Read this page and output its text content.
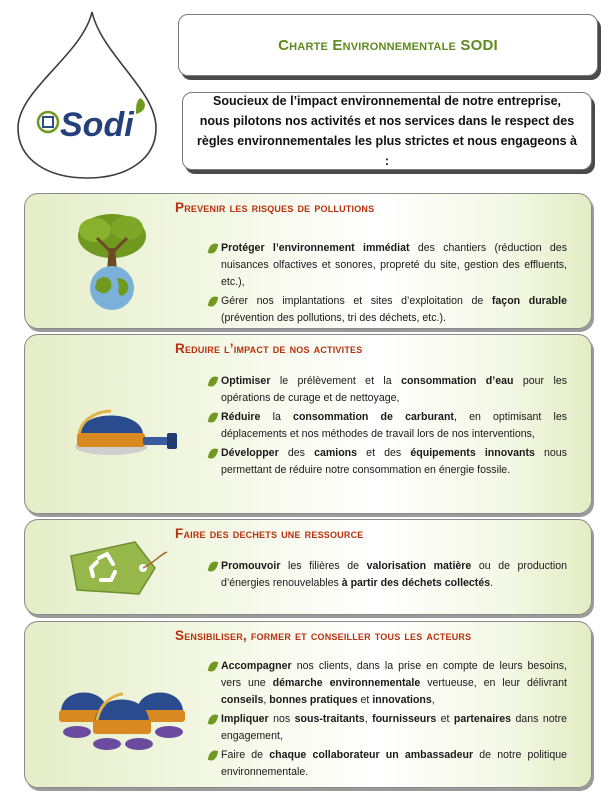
Sodi
Charte Environnementale SODI

Soucieux de l’impact environnemental de notre entreprise, nous pilotons nos activités et nos services dans le respect des règles environnementales les plus strictes et nous engageons à :

Prevenir les risques de pollutions
Protéger l’environnement immédiat des chantiers (réduction des nuisances olfactives et sonores, propreté du site, gestion des effluents, etc.),
Gérer nos implantations et sites d’exploitation de façon durable (prévention des pollutions, tri des déchets, etc.).
Reduire l’impact de nos activites
Optimiser le prélèvement et la consommation d’eau pour les opérations de curage et de nettoyage,
Réduire la consommation de carburant, en optimisant les déplacements et nos méthodes de travail lors de nos interventions,
Développer des camions et des équipements innovants nous permettant de réduire notre consommation en énergie fossile.
Faire des dechets une ressource
Promouvoir les filières de valorisation matière ou de production d’énergies renouvelables à partir des déchets collectés.
Sensibiliser, former et conseiller tous les acteurs
Accompagner nos clients, dans la prise en compte de leurs besoins, vers une démarche environnementale vertueuse, en leur délivrant conseils, bonnes pratiques et innovations,
Impliquer nos sous-traitants, fournisseurs et partenaires dans notre engagement,
Faire de chaque collaborateur un ambassadeur de notre politique environnementale.
